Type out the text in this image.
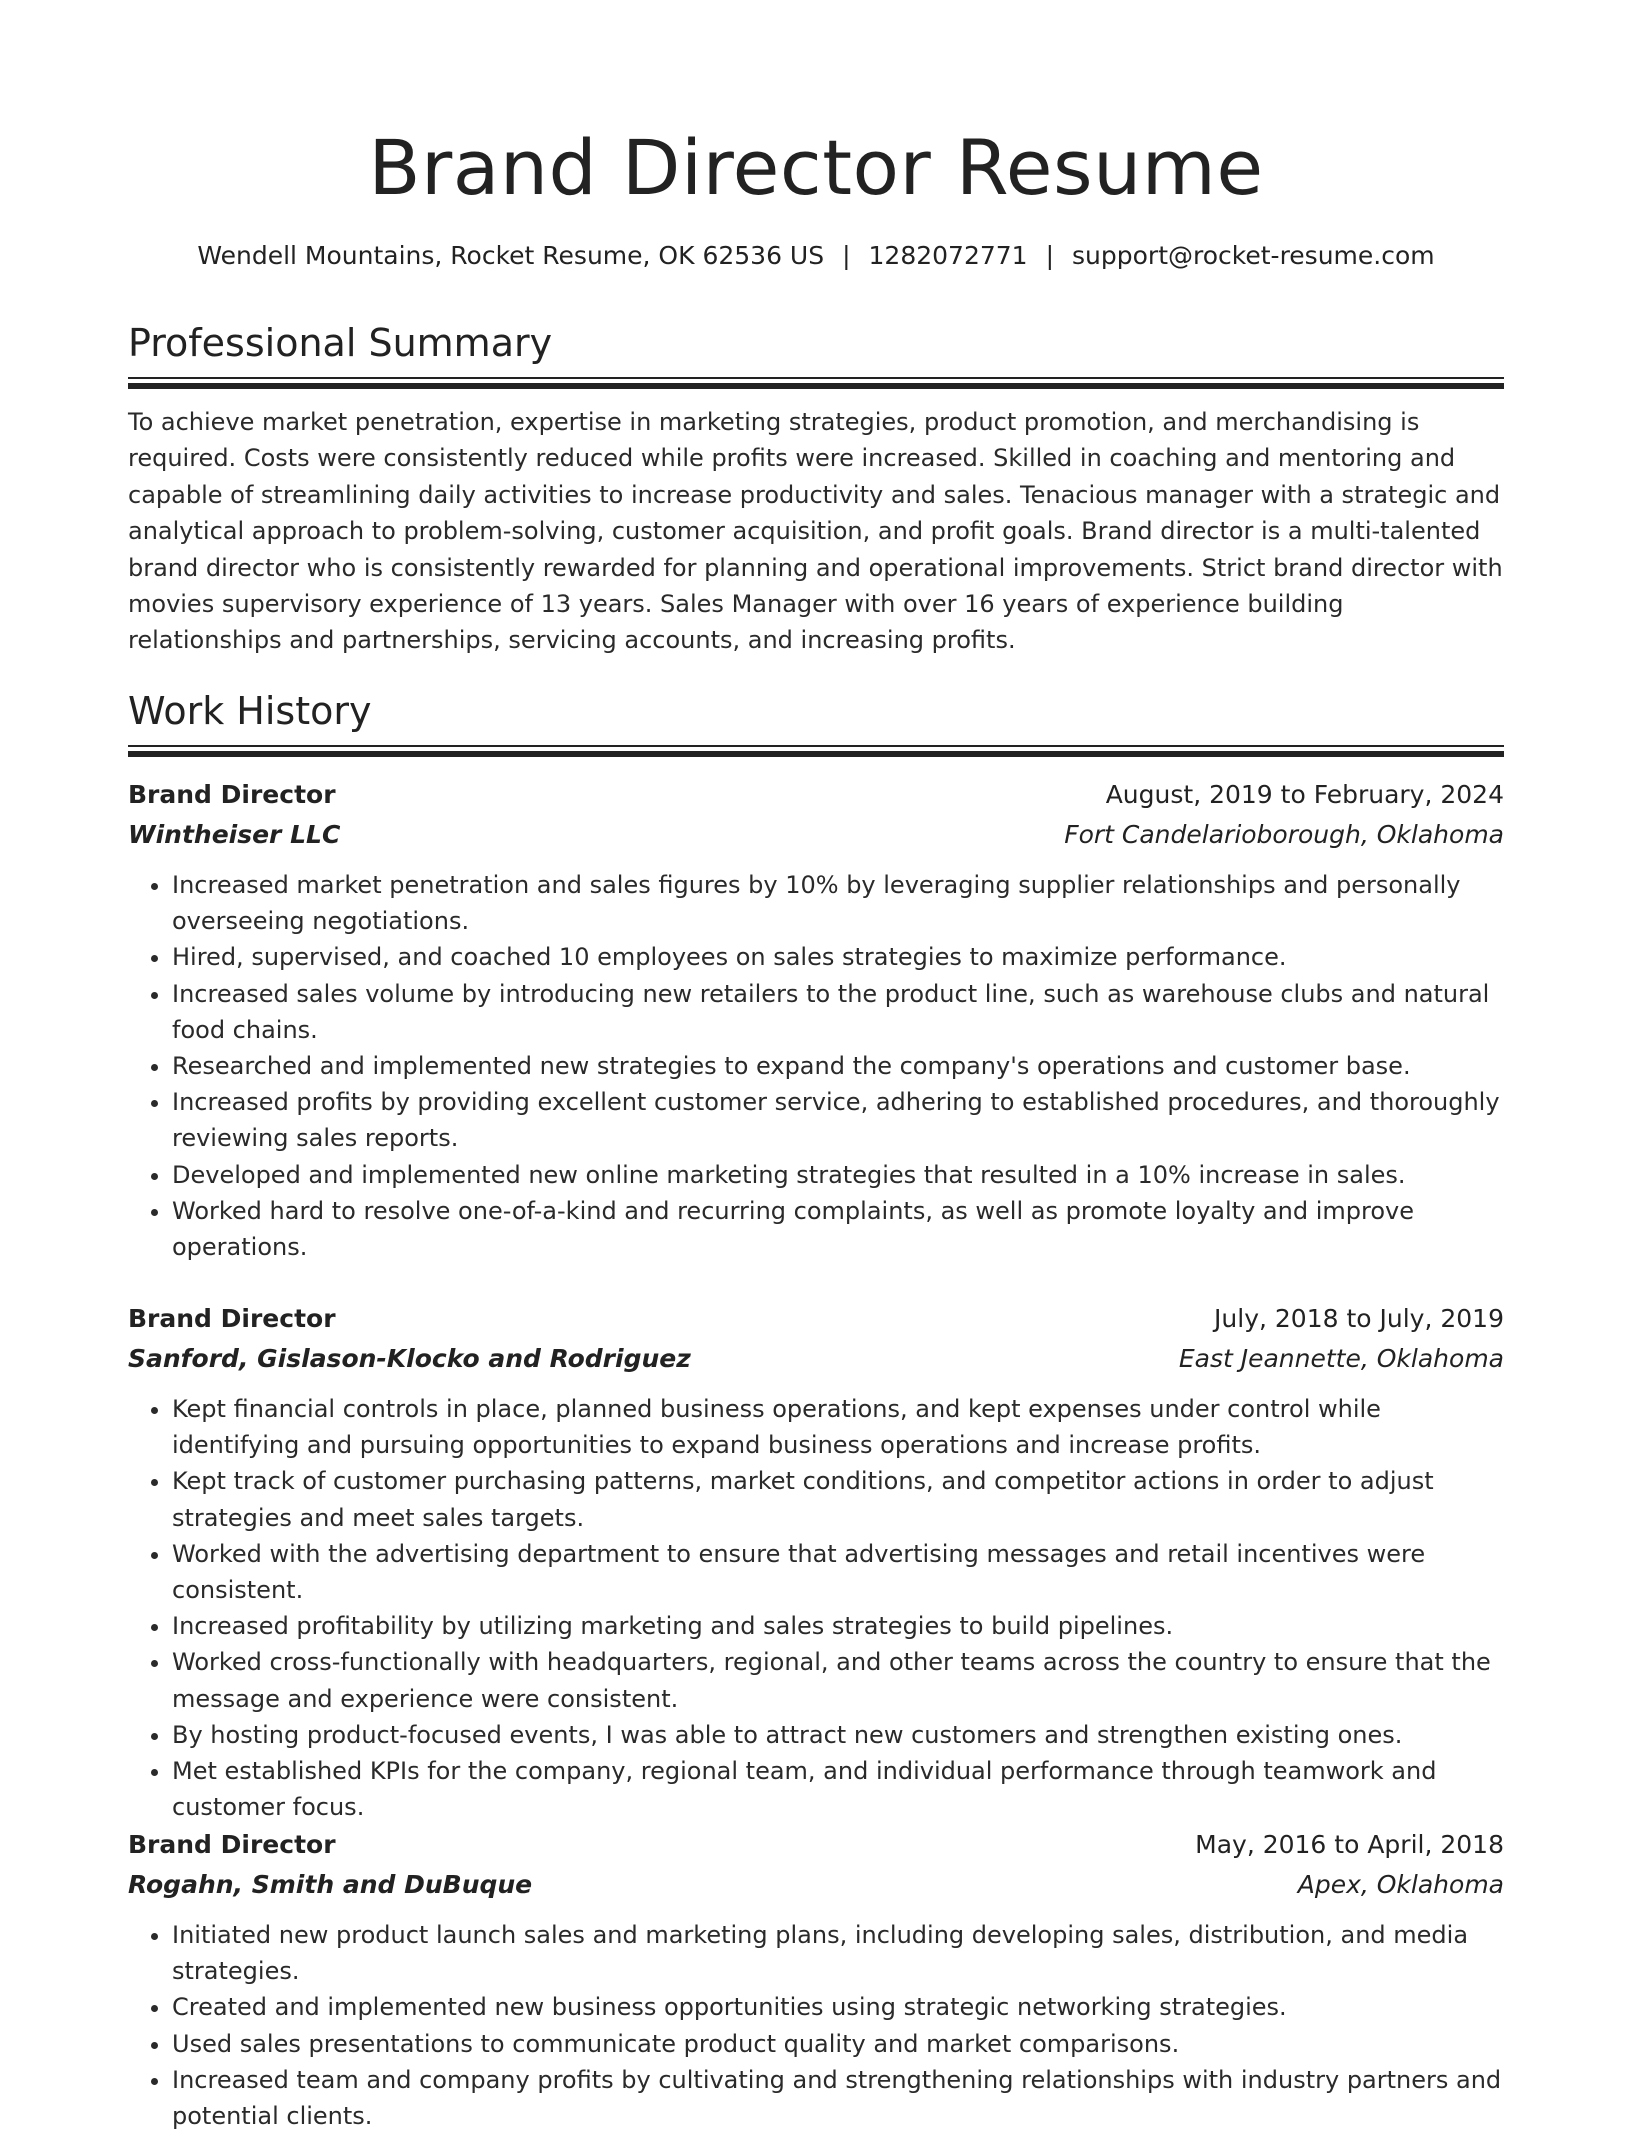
Brand Director Resume
Wendell Mountains, Rocket Resume, OK 62536 US | 1282072771 | support@rocket-resume.com
Professional Summary

To achieve market penetration, expertise in marketing strategies, product promotion, and merchandising is required. Costs were consistently reduced while profits were increased. Skilled in coaching and mentoring and capable of streamlining daily activities to increase productivity and sales. Tenacious manager with a strategic and analytical approach to problem-solving, customer acquisition, and profit goals. Brand director is a multi-talented brand director who is consistently rewarded for planning and operational improvements. Strict brand director with movies supervisory experience of 13 years. Sales Manager with over 16 years of experience building relationships and partnerships, servicing accounts, and increasing profits.

Work History
Brand Director	August, 2019 to February, 2024
Wintheiser LLC	Fort Candelarioborough, Oklahoma
• Increased market penetration and sales figures by 10% by leveraging supplier relationships and personally overseeing negotiations.
• Hired, supervised, and coached 10 employees on sales strategies to maximize performance.
• Increased sales volume by introducing new retailers to the product line, such as warehouse clubs and natural food chains.
• Researched and implemented new strategies to expand the company's operations and customer base.
• Increased profits by providing excellent customer service, adhering to established procedures, and thoroughly reviewing sales reports.
• Developed and implemented new online marketing strategies that resulted in a 10% increase in sales.
• Worked hard to resolve one-of-a-kind and recurring complaints, as well as promote loyalty and improve operations.
Brand Director	July, 2018 to July, 2019
Sanford, Gislason-Klocko and Rodriguez	East Jeannette, Oklahoma
• Kept financial controls in place, planned business operations, and kept expenses under control while identifying and pursuing opportunities to expand business operations and increase profits.
• Kept track of customer purchasing patterns, market conditions, and competitor actions in order to adjust strategies and meet sales targets.
• Worked with the advertising department to ensure that advertising messages and retail incentives were consistent.
• Increased profitability by utilizing marketing and sales strategies to build pipelines.
• Worked cross-functionally with headquarters, regional, and other teams across the country to ensure that the message and experience were consistent.
• By hosting product-focused events, I was able to attract new customers and strengthen existing ones.
• Met established KPIs for the company, regional team, and individual performance through teamwork and customer focus.
Brand Director	May, 2016 to April, 2018
Rogahn, Smith and DuBuque	Apex, Oklahoma
• Initiated new product launch sales and marketing plans, including developing sales, distribution, and media strategies.
• Created and implemented new business opportunities using strategic networking strategies.
• Used sales presentations to communicate product quality and market comparisons.
• Increased team and company profits by cultivating and strengthening relationships with industry partners and potential clients.
